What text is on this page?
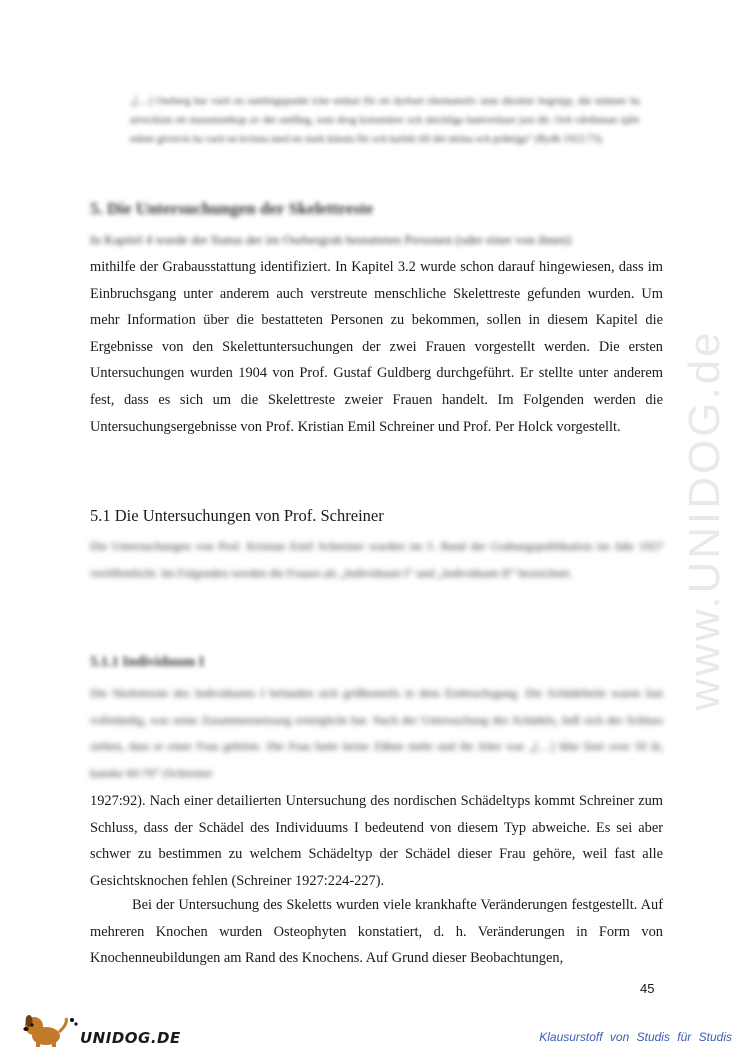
www.UNIDOG.de

„[…] Oseberg har varit en samlingspunkt icke endast för ett dyrbart rikemanslív utan däralmr begrepp, där männer ha utvecklats ett massmantkap av det omfång, som drog konstnärer och skickliga hantverkare just dit. Och vårdinnan själv måste givetvis ha varit en kvinna med en stark känsla för och karlek till det sköna och präktiga“ (Rydh 1922:73).

5. Die Untersuchungen der Skelettreste

In Kapitel 4 wurde der Status der im Osebergrab bestatteten Personen (oder einer von ihnen)

mithilfe der Grabausstattung identifiziert. In Kapitel 3.2 wurde schon darauf hingewiesen, dass im Einbruchsgang unter anderem auch verstreute menschliche Skelettreste gefunden wurden. Um mehr Information über die bestatteten Personen zu bekommen, sollen in diesem Kapitel die Ergebnisse von den Skelettuntersuchungen der zwei Frauen vorgestellt werden. Die ersten Untersuchungen wurden 1904 von Prof. Gustaf Guldberg durchgeführt. Er stellte unter anderem fest, dass es sich um die Skelettreste zweier Frauen handelt. Im Folgenden werden die Untersuchungsergebnisse von Prof. Kristian Emil Schreiner und Prof. Per Holck vorgestellt.

5.1 Die Untersuchungen von Prof. Schreiner

Die Untersuchungen von Prof. Kristian Emil Schreiner wurden im 5. Band der Grabungspublikation im Jahr 1927 veröffentlicht. Im Folgenden werden die Frauen als „Individuum I“ und „Individuum II“ bezeichnet.

5.1.1 Individuum I

Die Skelettreste des Individuums I befanden sich größtenteils in dem Einbruchsgang. Die Schädelteile waren fast vollständig, was seine Zusammensetzung ermöglicht hat. Nach der Untersuchung des Schädels, ließ sich der Schluss ziehen, dass er einer Frau gehörte. Die Frau hatte keine Zähne mehr und ihr Alter war „[…] ikke liset over 50 år, kanske 60-70“ (Schreiner

1927:92). Nach einer detailierten Untersuchung des nordischen Schädeltyps kommt Schreiner zum Schluss, dass der Schädel des Individuums I bedeutend von diesem Typ abweiche. Es sei aber schwer zu bestimmen zu welchem Schädeltyp der Schädel dieser Frau gehöre, weil fast alle Gesichtsknochen fehlen (Schreiner 1927:224-227).

Bei der Untersuchung des Skeletts wurden viele krankhafte Veränderungen festgestellt. Auf mehreren Knochen wurden Osteophyten konstatiert, d. h. Veränderungen in Form von Knochenneubildungen am Rand des Knochens. Auf Grund dieser Beobachtungen,

45
UNIDOG.DE	Klausurstoff von Studis für Studis
